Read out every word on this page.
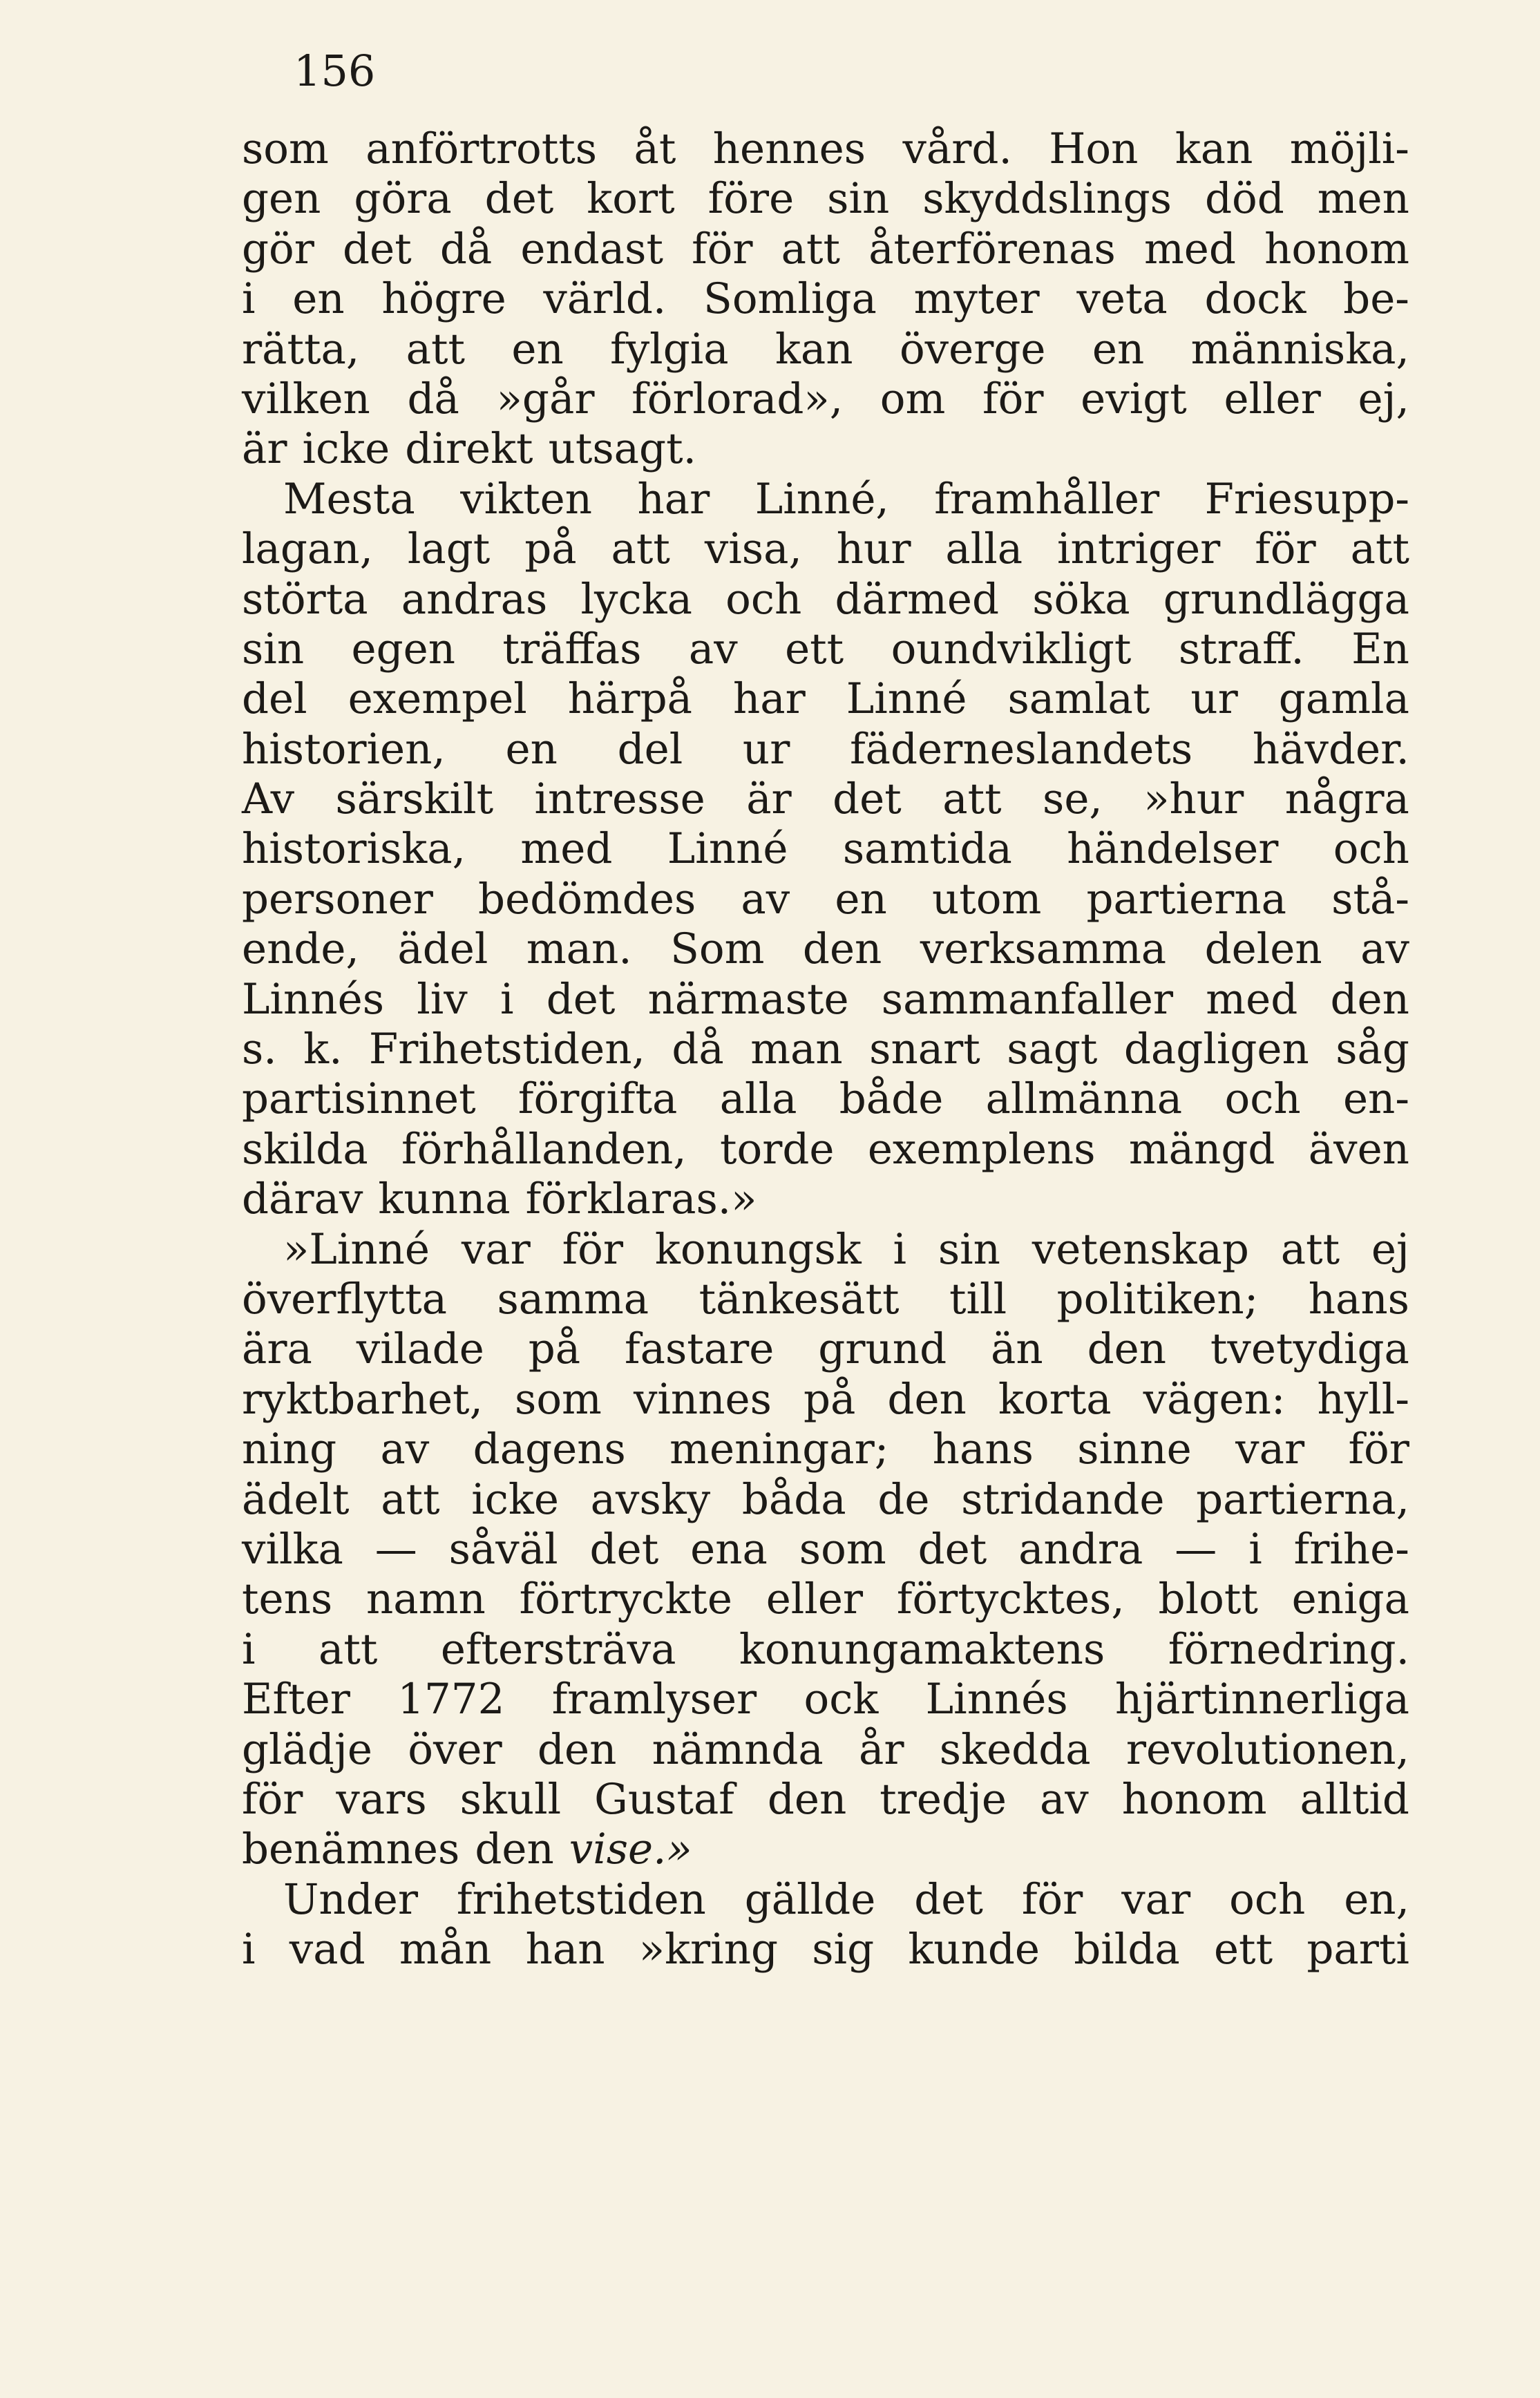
156
som anförtrotts åt hennes vård. Hon kan möjli-
gen göra det kort före sin skyddslings död men
gör det då endast för att återförenas med honom
i en högre värld. Somliga myter veta dock be-
rätta, att en fylgia kan överge en människa,
vilken då »går förlorad», om för evigt eller ej,
är icke direkt utsagt.
Mesta vikten har Linné, framhåller Friesupp-
lagan, lagt på att visa, hur alla intriger för att
störta andras lycka och därmed söka grundlägga
sin egen träffas av ett oundvikligt straff. En
del exempel härpå har Linné samlat ur gamla
historien, en del ur fäderneslandets hävder.
Av särskilt intresse är det att se, »hur några
historiska, med Linné samtida händelser och
personer bedömdes av en utom partierna stå-
ende, ädel man. Som den verksamma delen av
Linnés liv i det närmaste sammanfaller med den
s. k. Frihetstiden, då man snart sagt dagligen såg
partisinnet förgifta alla både allmänna och en-
skilda förhållanden, torde exemplens mängd även
därav kunna förklaras.»
»Linné var för konungsk i sin vetenskap att ej
överflytta samma tänkesätt till politiken; hans
ära vilade på fastare grund än den tvetydiga
ryktbarhet, som vinnes på den korta vägen: hyll-
ning av dagens meningar; hans sinne var för
ädelt att icke avsky båda de stridande partierna,
vilka — såväl det ena som det andra — i frihe-
tens namn förtryckte eller förtycktes, blott eniga
i att eftersträva konungamaktens förnedring.
Efter 1772 framlyser ock Linnés hjärtinnerliga
glädje över den nämnda år skedda revolutionen,
för vars skull Gustaf den tredje av honom alltid
benämnes den vise.»
Under frihetstiden gällde det för var och en,
i vad mån han »kring sig kunde bilda ett parti
